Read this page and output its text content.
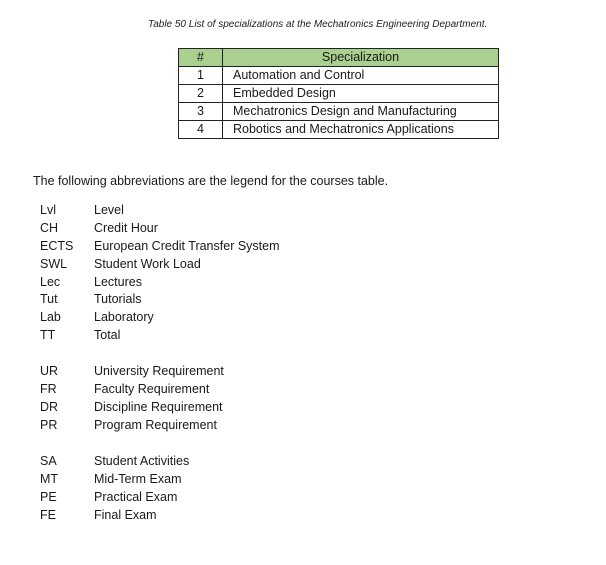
Table 50 List of specializations at the Mechatronics Engineering Department.
#	Specialization
1	Automation and Control
2	Embedded Design
3	Mechatronics Design and Manufacturing
4	Robotics and Mechatronics Applications
The following abbreviations are the legend for the courses table.
Lvl	Level
CH	Credit Hour
ECTS European Credit Transfer System
SWL Student Work Load
Lec	Lectures
Tut	Tutorials
Lab	Laboratory
TT	Total
UR	University Requirement
FR	Faculty Requirement
DR	Discipline Requirement
PR	Program Requirement
SA	Student Activities
MT	Mid-Term Exam
PE	Practical Exam
FE	Final Exam
